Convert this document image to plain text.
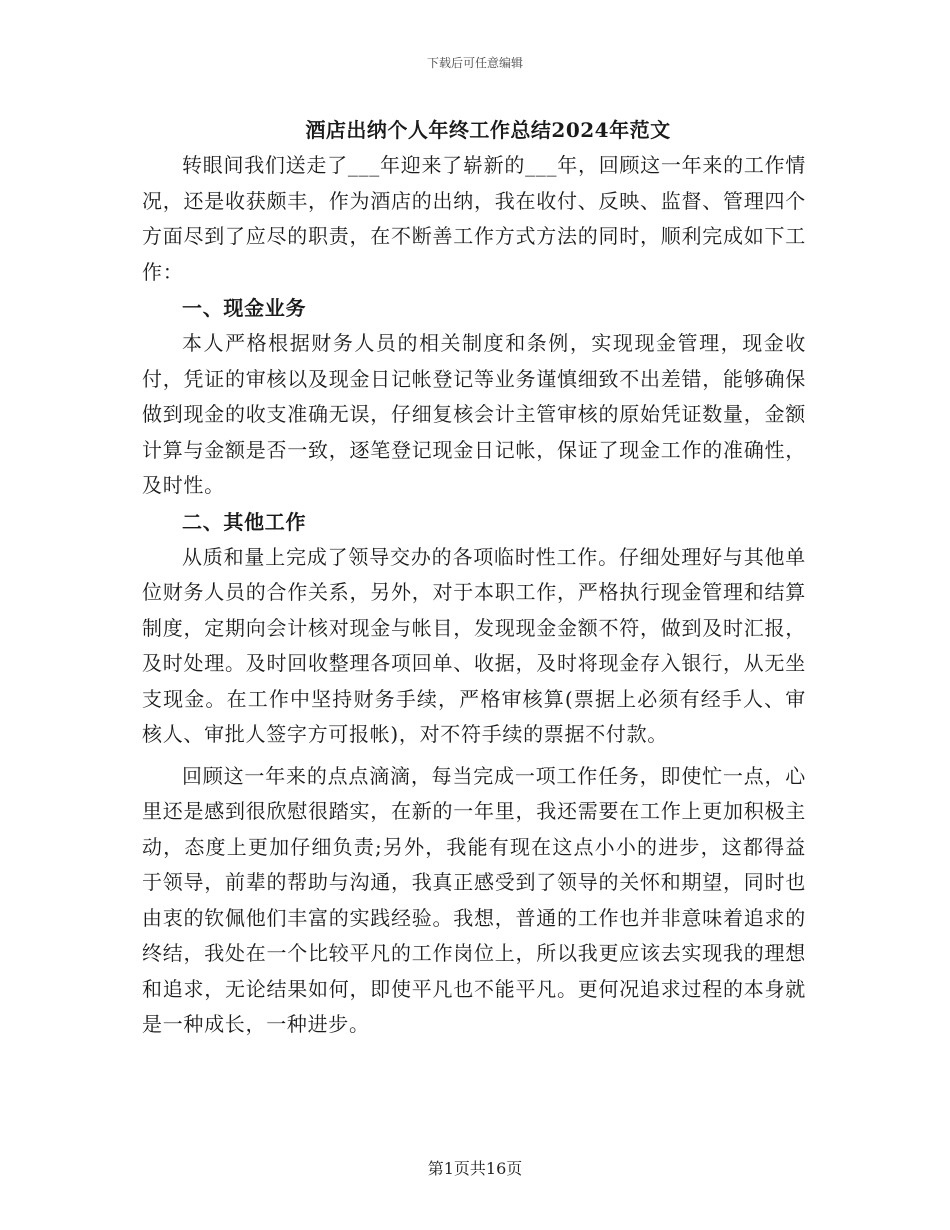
下载后可任意编辑
酒店出纳个人年终工作总结2024年范文

转眼间我们送走了___年迎来了崭新的___年，回顾这一年来的工作情况，还是收获颇丰，作为酒店的出纳，我在收付、反映、监督、管理四个方面尽到了应尽的职责，在不断善工作方式方法的同时，顺利完成如下工作：

一、现金业务

本人严格根据财务人员的相关制度和条例，实现现金管理，现金收付，凭证的审核以及现金日记帐登记等业务谨慎细致不出差错，能够确保做到现金的收支准确无误，仔细复核会计主管审核的原始凭证数量，金额计算与金额是否一致，逐笔登记现金日记帐，保证了现金工作的准确性，及时性。

二、其他工作

从质和量上完成了领导交办的各项临时性工作。仔细处理好与其他单位财务人员的合作关系，另外，对于本职工作，严格执行现金管理和结算制度，定期向会计核对现金与帐目，发现现金金额不符，做到及时汇报，及时处理。及时回收整理各项回单、收据，及时将现金存入银行，从无坐支现金。在工作中坚持财务手续，严格审核算(票据上必须有经手人、审核人、审批人签字方可报帐)，对不符手续的票据不付款。

回顾这一年来的点点滴滴，每当完成一项工作任务，即使忙一点，心里还是感到很欣慰很踏实，在新的一年里，我还需要在工作上更加积极主动，态度上更加仔细负责;另外，我能有现在这点小小的进步，这都得益于领导，前辈的帮助与沟通，我真正感受到了领导的关怀和期望，同时也由衷的钦佩他们丰富的实践经验。我想，普通的工作也并非意味着追求的终结，我处在一个比较平凡的工作岗位上，所以我更应该去实现我的理想和追求，无论结果如何，即使平凡也不能平凡。更何况追求过程的本身就是一种成长，一种进步。

第1页共16页
